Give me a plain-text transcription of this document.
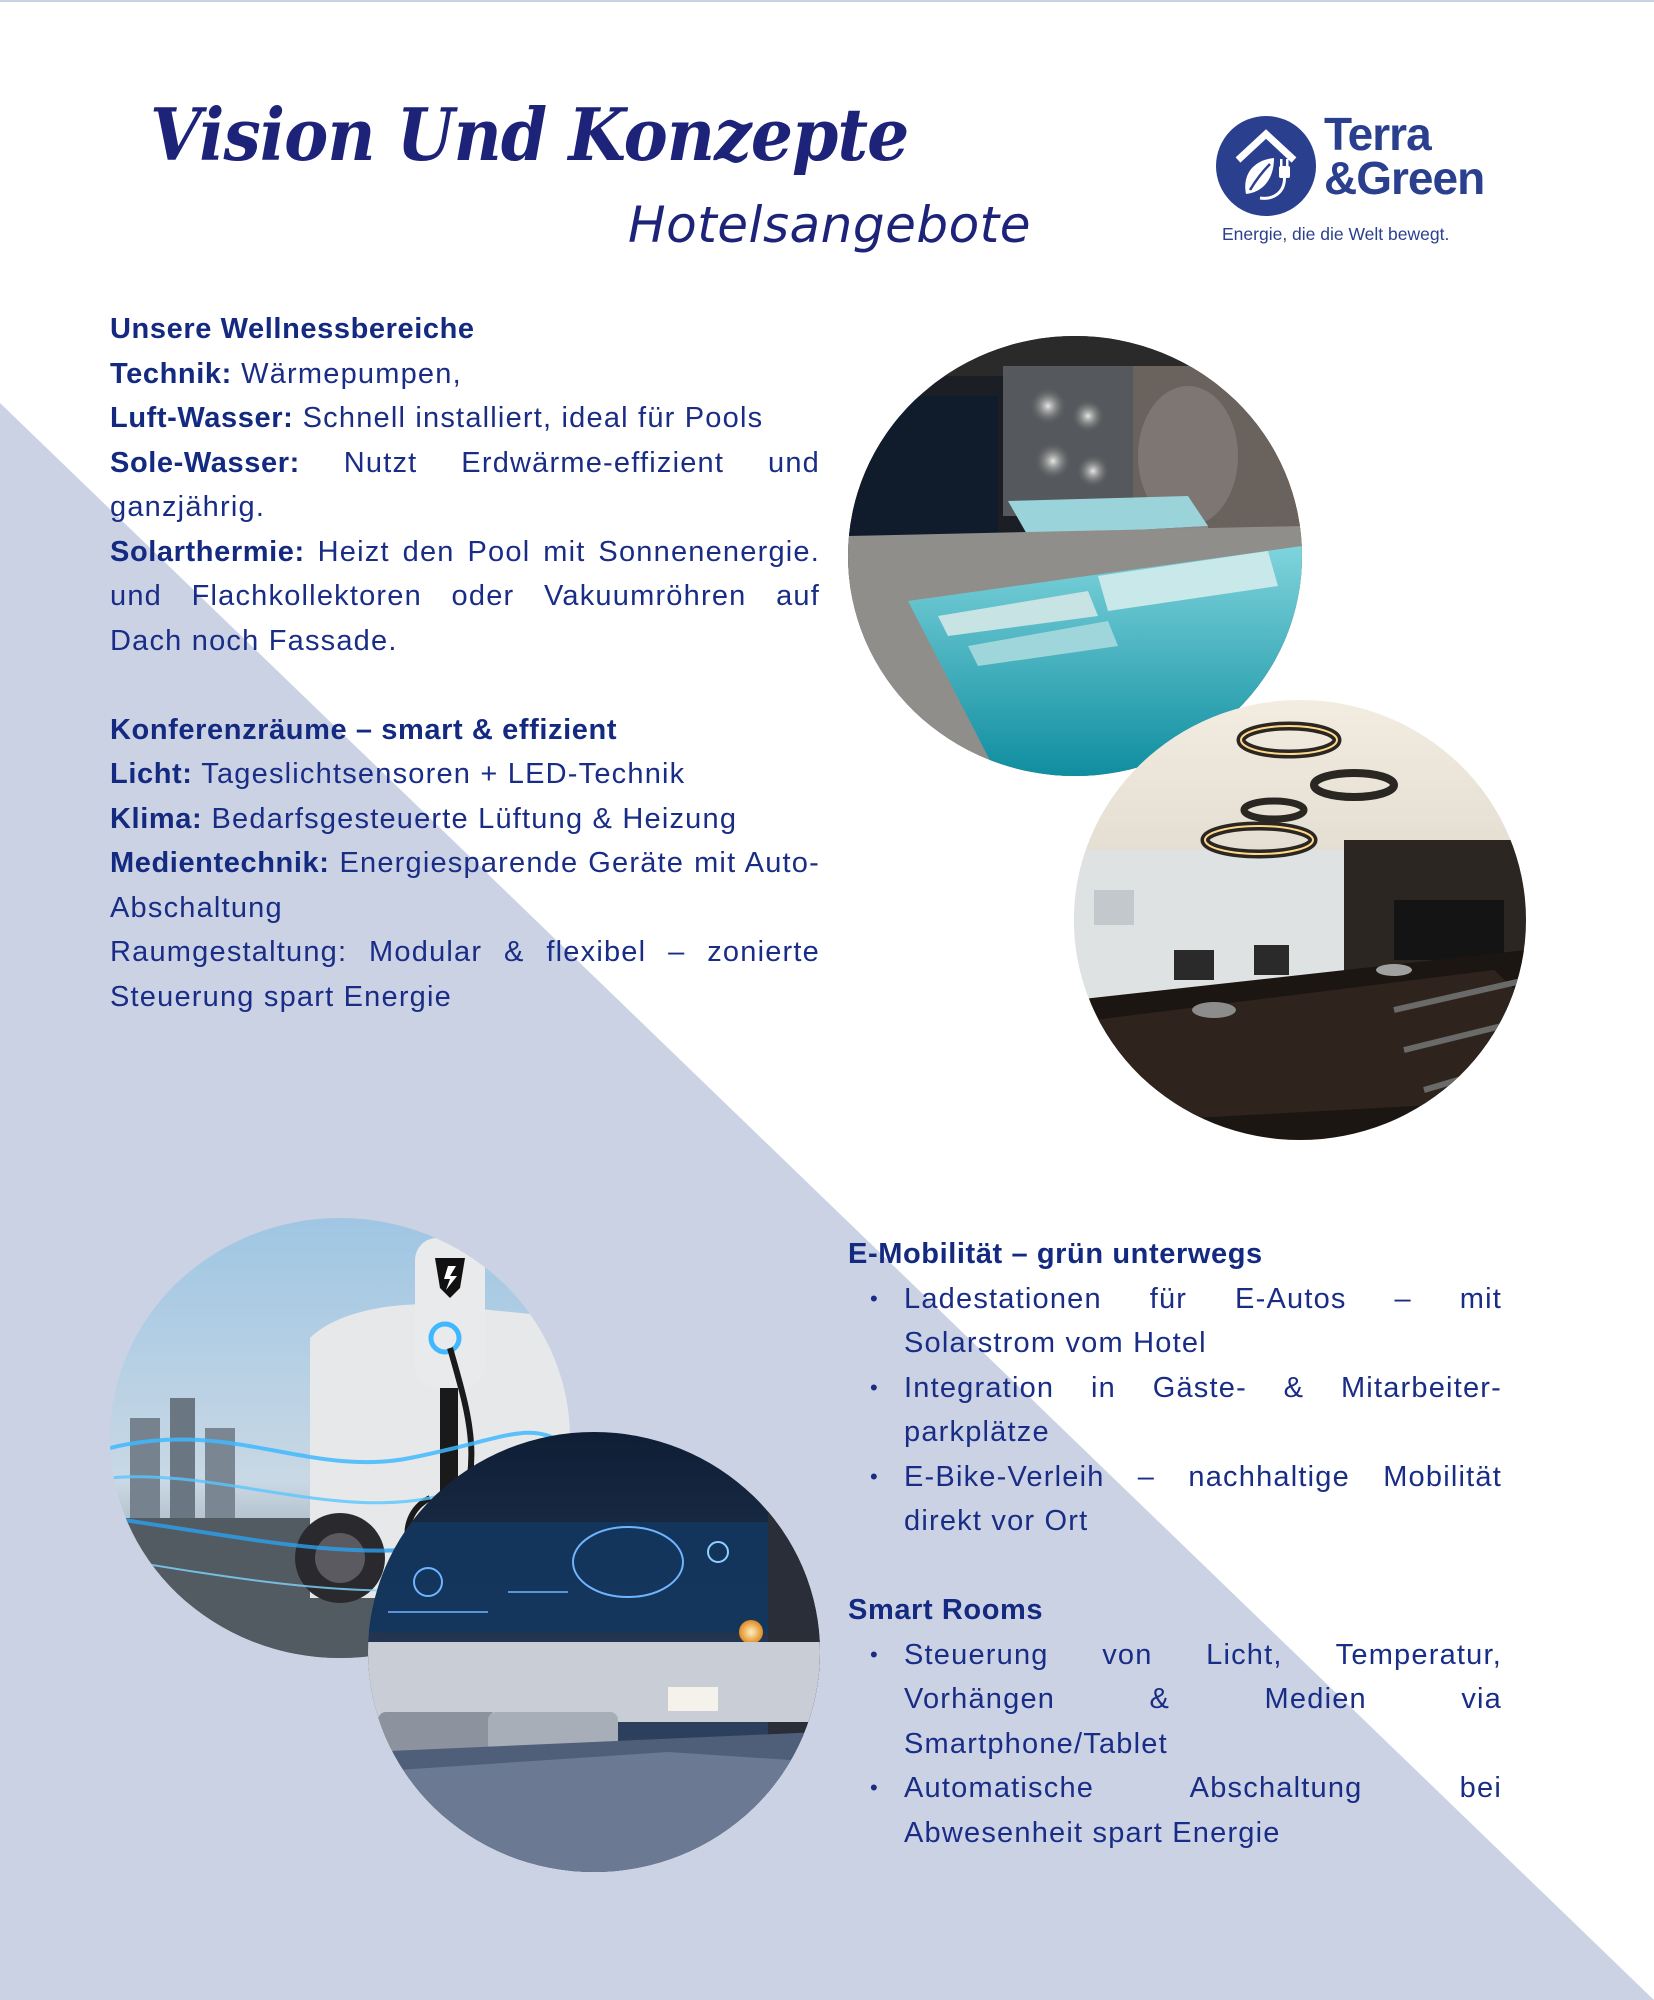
Vision Und Konzepte
Hotelsangebote
Terra
&Green
Energie, die die Welt bewegt.

Unsere Wellnessbereiche

Technik: Wärmepumpen,

Luft-Wasser: Schnell installiert, ideal für Pools

Sole-Wasser: Nutzt Erdwärme-effizient und ganzjährig.

Solarthermie: Heizt den Pool mit Sonnenenergie. und Flachkollektoren oder Vakuumröhren auf Dach noch Fassade.

Konferenzräume – smart & effizient

Licht: Tageslichtsensoren + LED-Technik

Klima: Bedarfsgesteuerte Lüftung & Heizung

Medientechnik: Energiesparende Geräte mit Auto-Abschaltung

Raumgestaltung: Modular & flexibel – zonierte Steuerung spart Energie

E-Mobilität – grün unterwegs

• Ladestationen für E-Autos – mit Solarstrom vom Hotel
• Integration in Gäste- & Mitarbeiter-parkplätze
• E-Bike-Verleih – nachhaltige Mobilität direkt vor Ort

Smart Rooms

• Steuerung von Licht, Temperatur, Vorhängen & Medien via Smartphone/Tablet
• Automatische Abschaltung bei Abwesenheit spart Energie
